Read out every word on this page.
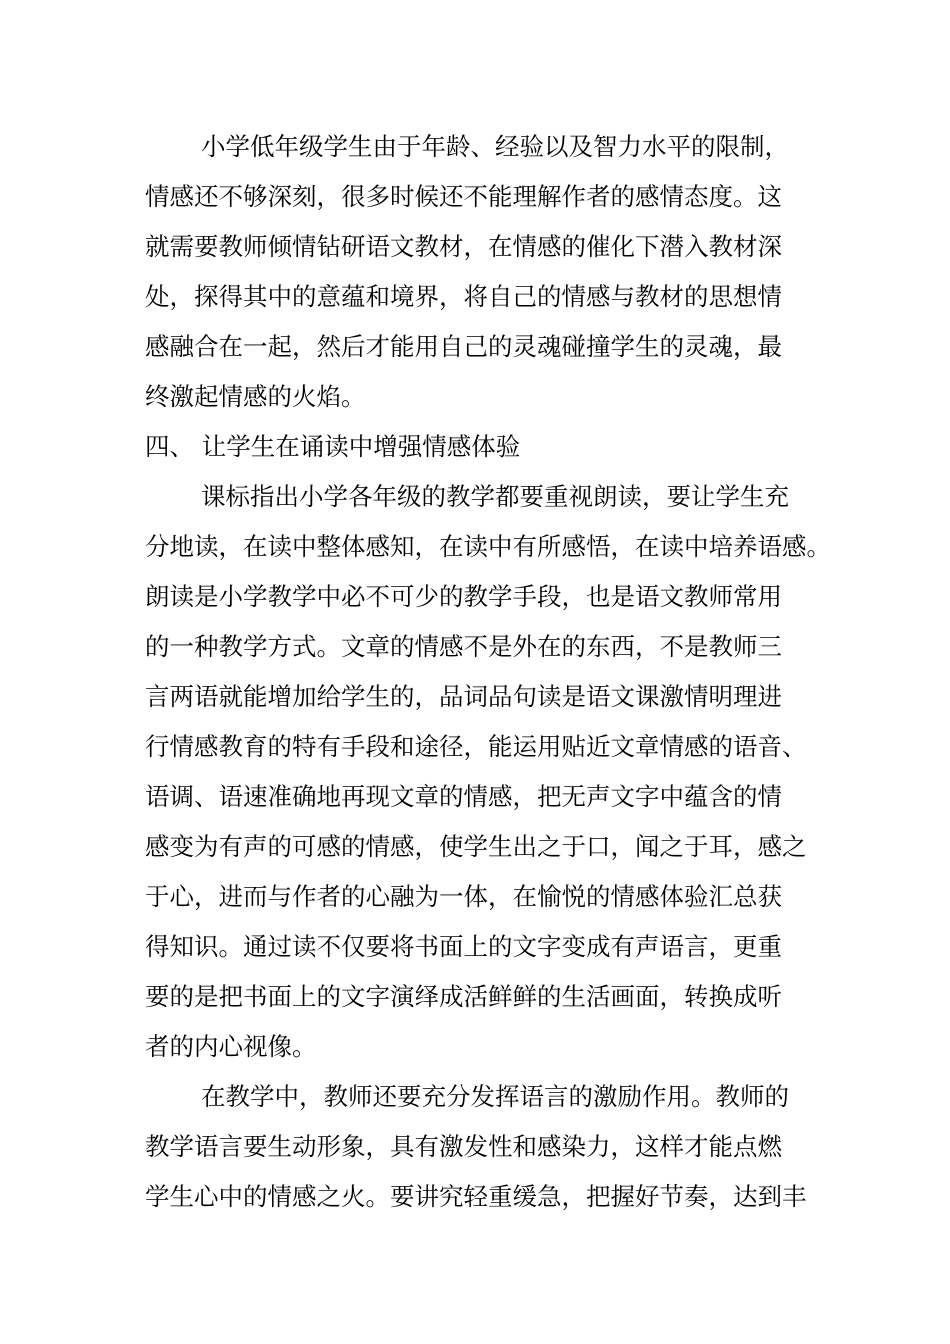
小学低年级学生由于年龄、经验以及智力水平的限制，
情感还不够深刻，很多时候还不能理解作者的感情态度。这
就需要教师倾情钻研语文教材，在情感的催化下潜入教材深
处，探得其中的意蕴和境界，将自己的情感与教材的思想情
感融合在一起，然后才能用自己的灵魂碰撞学生的灵魂，最
终激起情感的火焰。
四、 让学生在诵读中增强情感体验
课标指出小学各年级的教学都要重视朗读，要让学生充
分地读，在读中整体感知，在读中有所感悟，在读中培养语感。
朗读是小学教学中必不可少的教学手段，也是语文教师常用
的一种教学方式。文章的情感不是外在的东西，不是教师三
言两语就能增加给学生的，品词品句读是语文课激情明理进
行情感教育的特有手段和途径，能运用贴近文章情感的语音、
语调、语速准确地再现文章的情感，把无声文字中蕴含的情
感变为有声的可感的情感，使学生出之于口，闻之于耳，感之
于心，进而与作者的心融为一体，在愉悦的情感体验汇总获
得知识。通过读不仅要将书面上的文字变成有声语言，更重
要的是把书面上的文字演绎成活鲜鲜的生活画面，转换成听
者的内心视像。
在教学中，教师还要充分发挥语言的激励作用。教师的
教学语言要生动形象，具有激发性和感染力，这样才能点燃
学生心中的情感之火。要讲究轻重缓急，把握好节奏，达到丰
